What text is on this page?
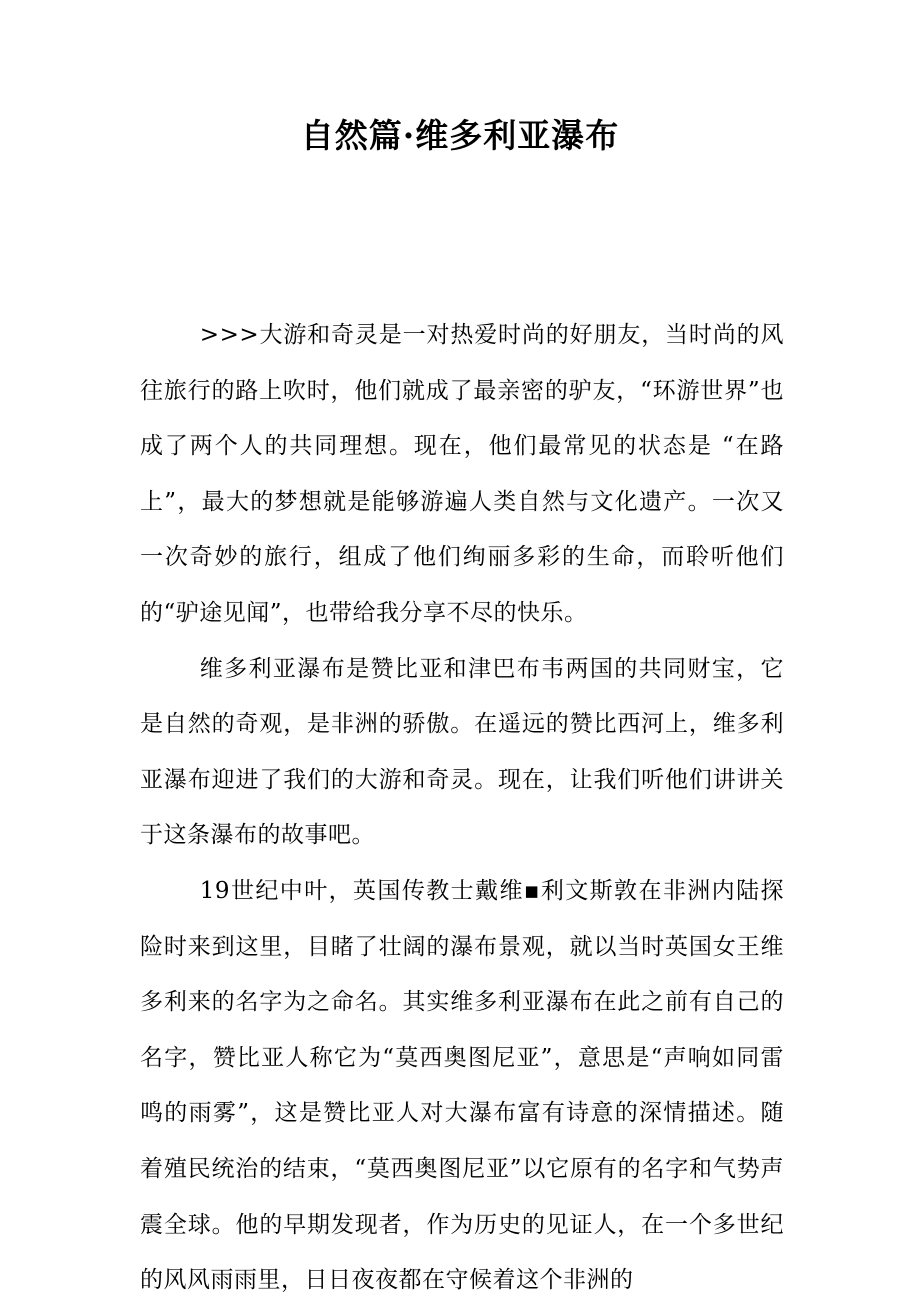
自然篇·维多利亚瀑布

>>>大游和奇灵是一对热爱时尚的好朋友，当时尚的风往旅行的路上吹时，他们就成了最亲密的驴友，“环游世界”也成了两个人的共同理想。现在，他们最常见的状态是 “在路上”，最大的梦想就是能够游遍人类自然与文化遗产。一次又一次奇妙的旅行，组成了他们绚丽多彩的生命，而聆听他们的“驴途见闻”，也带给我分享不尽的快乐。

维多利亚瀑布是赞比亚和津巴布韦两国的共同财宝，它是自然的奇观，是非洲的骄傲。在遥远的赞比西河上，维多利亚瀑布迎进了我们的大游和奇灵。现在，让我们听他们讲讲关于这条瀑布的故事吧。

19世纪中叶，英国传教士戴维▪利文斯敦在非洲内陆探险时来到这里，目睹了壮阔的瀑布景观，就以当时英国女王维多利来的名字为之命名。其实维多利亚瀑布在此之前有自己的名字，赞比亚人称它为“莫西奥图尼亚”，意思是“声响如同雷鸣的雨雾”，这是赞比亚人对大瀑布富有诗意的深情描述。随着殖民统治的结束，“莫西奥图尼亚”以它原有的名字和气势声震全球。他的早期发现者，作为历史的见证人，在一个多世纪的风风雨雨里，日日夜夜都在守候着这个非洲的
